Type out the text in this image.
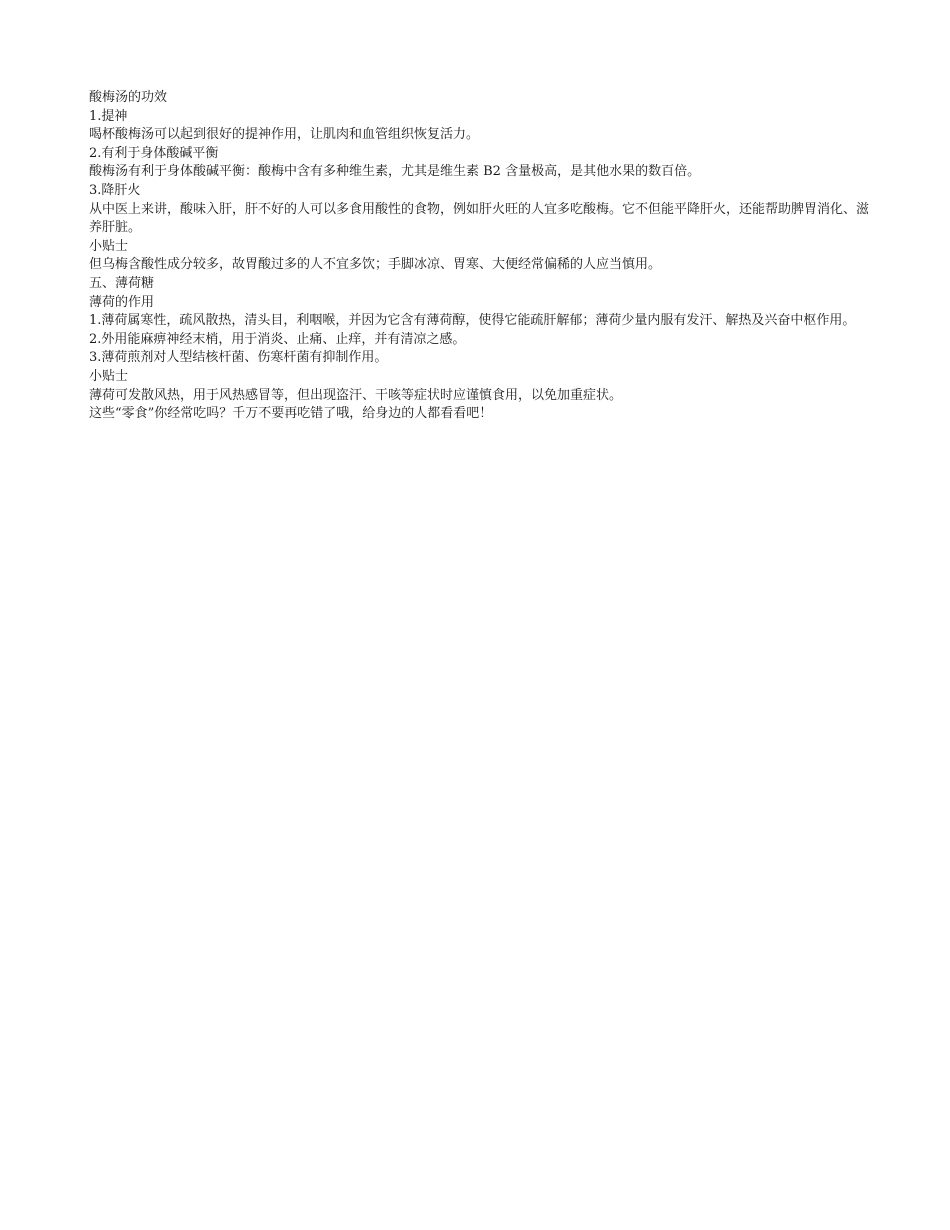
酸梅汤的功效

1.提神

喝杯酸梅汤可以起到很好的提神作用，让肌肉和血管组织恢复活力。

2.有利于身体酸碱平衡

酸梅汤有利于身体酸碱平衡：酸梅中含有多种维生素，尤其是维生素 B2 含量极高，是其他水果的数百倍。

3.降肝火

从中医上来讲，酸味入肝，肝不好的人可以多食用酸性的食物，例如肝火旺的人宜多吃酸梅。它不但能平降肝火，还能帮助脾胃消化、滋养肝脏。

小贴士

但乌梅含酸性成分较多，故胃酸过多的人不宜多饮；手脚冰凉、胃寒、大便经常偏稀的人应当慎用。

五、薄荷糖

薄荷的作用

1.薄荷属寒性，疏风散热，清头目，利咽喉，并因为它含有薄荷醇，使得它能疏肝解郁；薄荷少量内服有发汗、解热及兴奋中枢作用。

2.外用能麻痹神经末梢，用于消炎、止痛、止痒，并有清凉之感。

3.薄荷煎剂对人型结核杆菌、伤寒杆菌有抑制作用。

小贴士

薄荷可发散风热，用于风热感冒等，但出现盗汗、干咳等症状时应谨慎食用，以免加重症状。

这些“零食”你经常吃吗？千万不要再吃错了哦，给身边的人都看看吧！
